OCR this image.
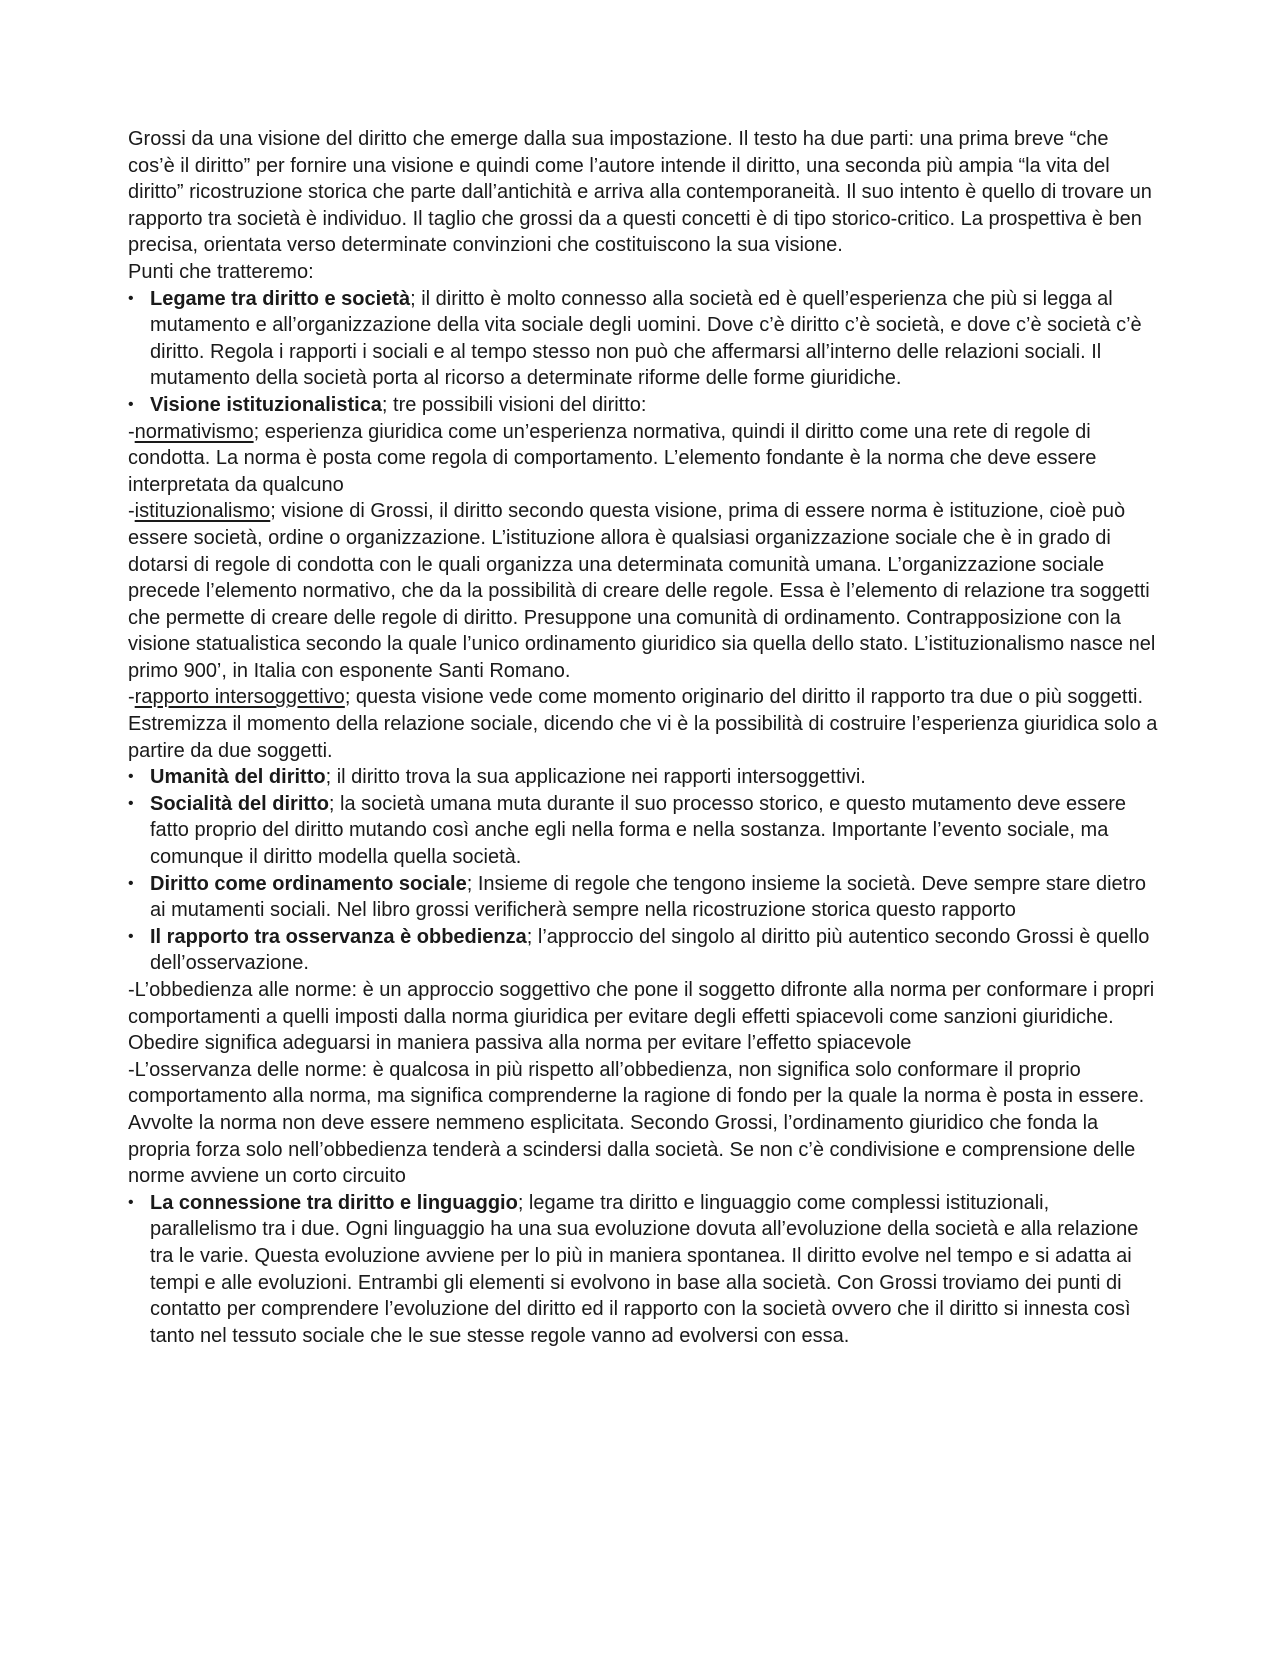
Grossi da una visione del diritto che emerge dalla sua impostazione. Il testo ha due parti: una prima breve “che cos’è il diritto” per fornire una visione e quindi come l’autore intende il diritto, una seconda più ampia “la vita del diritto” ricostruzione storica che parte dall’antichità e arriva alla contemporaneità. Il suo intento è quello di trovare un rapporto tra società è individuo. Il taglio che grossi da a questi concetti è di tipo storico-critico. La prospettiva è ben precisa, orientata verso determinate convinzioni che costituiscono la sua visione.

Punti che tratteremo:

• Legame tra diritto e società; il diritto è molto connesso alla società ed è quell’esperienza che più si legga al mutamento e all’organizzazione della vita sociale degli uomini. Dove c’è diritto c’è società, e dove c’è società c’è diritto. Regola i rapporti i sociali e al tempo stesso non può che affermarsi all’interno delle relazioni sociali. Il mutamento della società porta al ricorso a determinate riforme delle forme giuridiche.

• Visione istituzionalistica; tre possibili visioni del diritto:

-normativismo; esperienza giuridica come un’esperienza normativa, quindi il diritto come una rete di regole di condotta. La norma è posta come regola di comportamento. L’elemento fondante è la norma che deve essere interpretata da qualcuno

-istituzionalismo; visione di Grossi, il diritto secondo questa visione, prima di essere norma è istituzione, cioè può essere società, ordine o organizzazione. L’istituzione allora è qualsiasi organizzazione sociale che è in grado di dotarsi di regole di condotta con le quali organizza una determinata comunità umana. L’organizzazione sociale precede l’elemento normativo, che da la possibilità di creare delle regole. Essa è l’elemento di relazione tra soggetti che permette di creare delle regole di diritto. Presuppone una comunità di ordinamento. Contrapposizione con la visione statualistica secondo la quale l’unico ordinamento giuridico sia quella dello stato. L’istituzionalismo nasce nel primo 900’, in Italia con esponente Santi Romano.

-rapporto intersoggettivo; questa visione vede come momento originario del diritto il rapporto tra due o più soggetti. Estremizza il momento della relazione sociale, dicendo che vi è la possibilità di costruire l’esperienza giuridica solo a partire da due soggetti.

• Umanità del diritto; il diritto trova la sua applicazione nei rapporti intersoggettivi.

• Socialità del diritto; la società umana muta durante il suo processo storico, e questo mutamento deve essere fatto proprio del diritto mutando così anche egli nella forma e nella sostanza. Importante l’evento sociale, ma comunque il diritto modella quella società.

• Diritto come ordinamento sociale; Insieme di regole che tengono insieme la società. Deve sempre stare dietro ai mutamenti sociali. Nel libro grossi verificherà sempre nella ricostruzione storica questo rapporto

• Il rapporto tra osservanza è obbedienza; l’approccio del singolo al diritto più autentico secondo Grossi è quello dell’osservazione.

-L’obbedienza alle norme: è un approccio soggettivo che pone il soggetto difronte alla norma per conformare i propri comportamenti a quelli imposti dalla norma giuridica per evitare degli effetti spiacevoli come sanzioni giuridiche. Obedire significa adeguarsi in maniera passiva alla norma per evitare l’effetto spiacevole

-L’osservanza delle norme: è qualcosa in più rispetto all’obbedienza, non significa solo conformare il proprio comportamento alla norma, ma significa comprenderne la ragione di fondo per la quale la norma è posta in essere. Avvolte la norma non deve essere nemmeno esplicitata. Secondo Grossi, l’ordinamento giuridico che fonda la propria forza solo nell’obbedienza tenderà a scindersi dalla società. Se non c’è condivisione e comprensione delle norme avviene un corto circuito

• La connessione tra diritto e linguaggio; legame tra diritto e linguaggio come complessi istituzionali, parallelismo tra i due. Ogni linguaggio ha una sua evoluzione dovuta all’evoluzione della società e alla relazione tra le varie. Questa evoluzione avviene per lo più in maniera spontanea. Il diritto evolve nel tempo e si adatta ai tempi e alle evoluzioni. Entrambi gli elementi si evolvono in base alla società. Con Grossi troviamo dei punti di contatto per comprendere l’evoluzione del diritto ed il rapporto con la società ovvero che il diritto si innesta così tanto nel tessuto sociale che le sue stesse regole vanno ad evolversi con essa.
